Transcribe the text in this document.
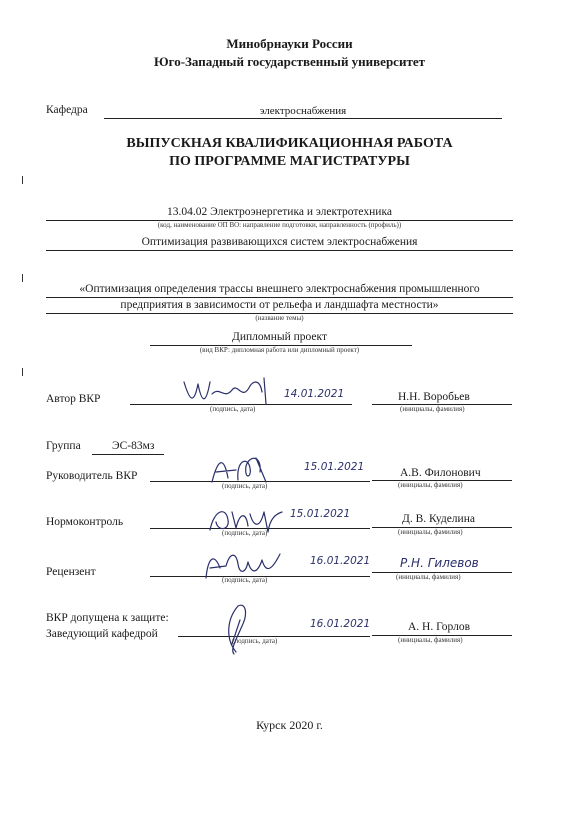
Минобрнауки России
Юго-Западный государственный университет
Кафедра	электроснабжения
ВЫПУСКНАЯ КВАЛИФИКАЦИОННАЯ РАБОТА
ПО ПРОГРАММЕ МАГИСТРАТУРЫ
13.04.02 Электроэнергетика и электротехника
(код, наименование ОП ВО: направление подготовки, направленность (профиль))
Оптимизация развивающихся систем электроснабжения
«Оптимизация определения трассы внешнего электроснабжения промышленного
предприятия в зависимости от рельефа и ландшафта местности»
(название темы)
Дипломный проект
(вид ВКР: дипломная работа или дипломный проект)
Автор ВКР	14.01.2021
(подпись, дата)
Н.Н. Воробьев
(инициалы, фамилия)
Группа	ЭС-83мз
Руководитель ВКР
15.01.2021
(подпись, дата)
А.В. Филонович
(инициалы, фамилия)
Нормоконтроль
15.01.2021
(подпись, дата)
Д. В. Куделина
(инициалы, фамилия)
Рецензент
16.01.2021
(подпись, дата)
Р.Н. Гилевов
(инициалы, фамилия)
ВКР допущена к защите:
Заведующий кафедрой
16.01.2021
(подпись, дата)
А. Н. Горлов
(инициалы, фамилия)
Курск 2020 г.
